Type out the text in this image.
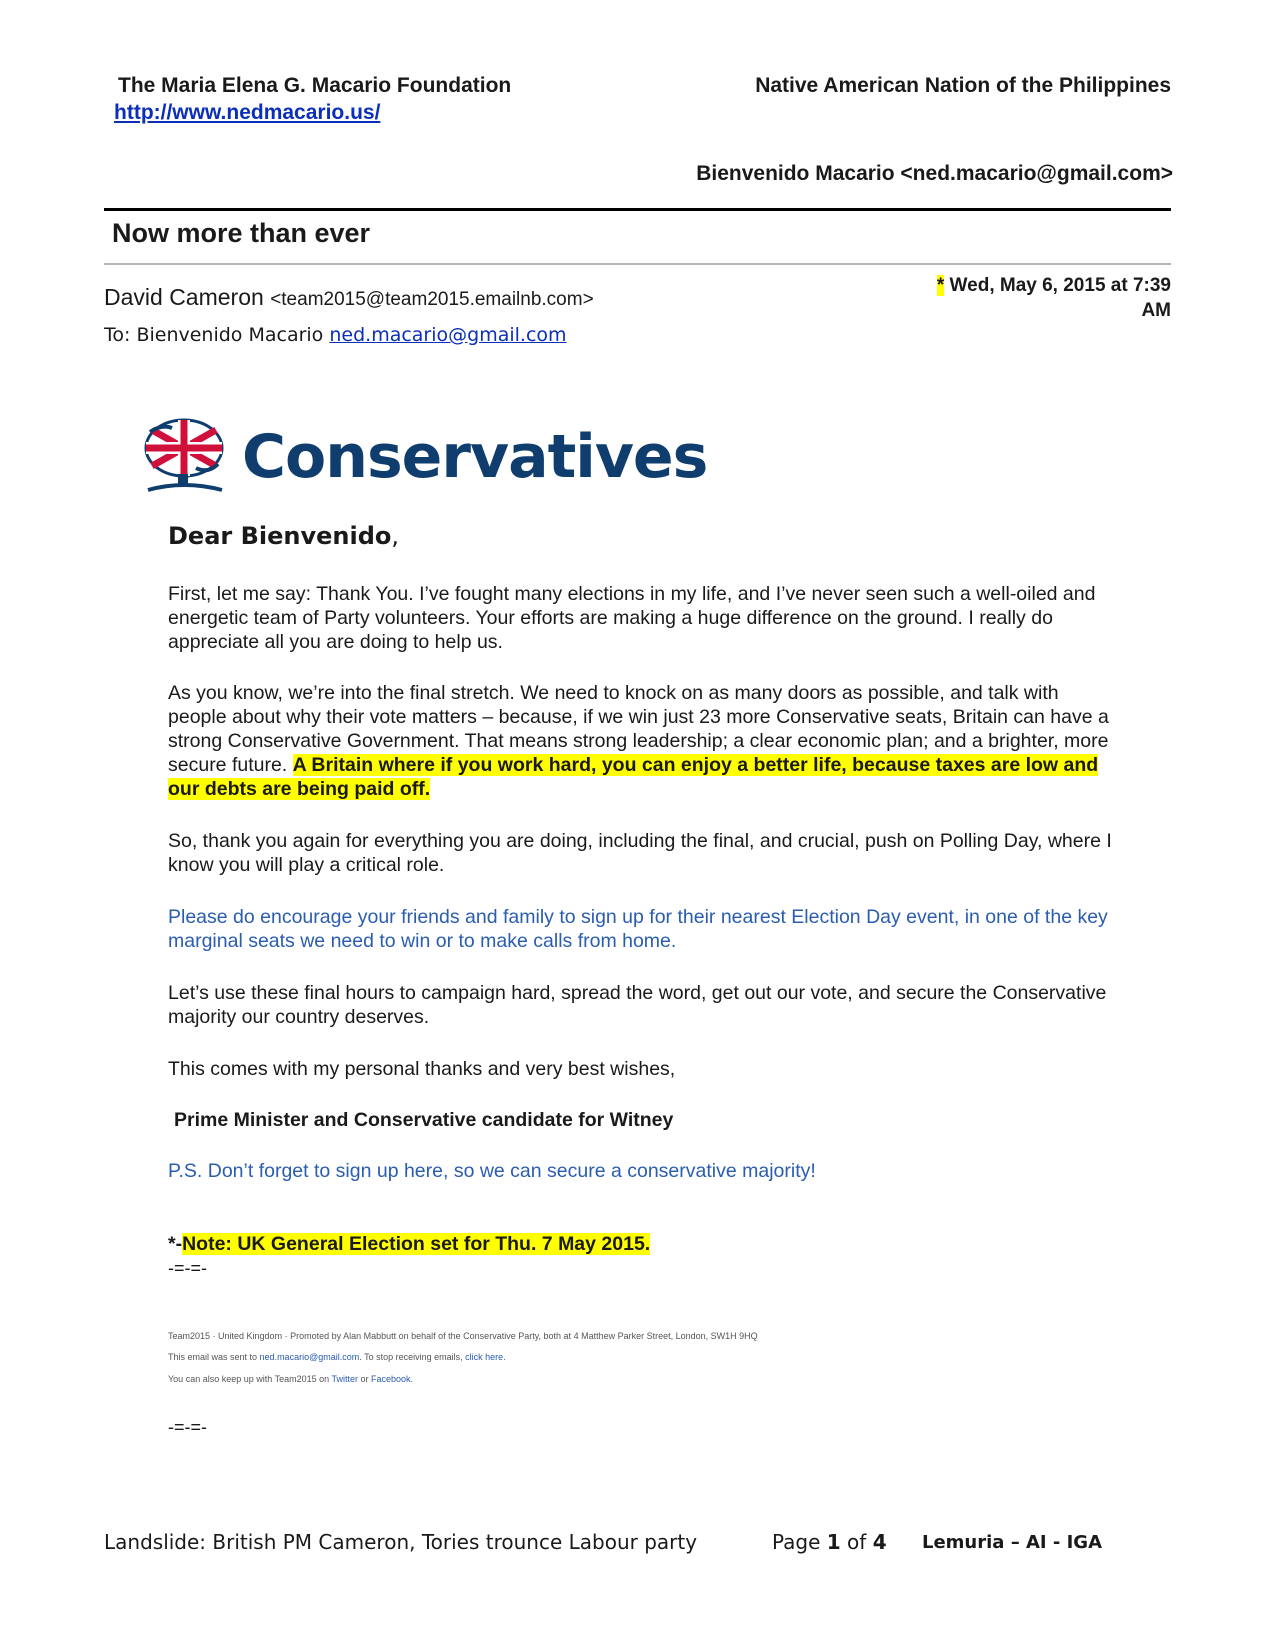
The Maria Elena G. Macario Foundation
http://www.nedmacario.us/
Native American Nation of the Philippines
Bienvenido Macario <ned.macario@gmail.com>
Now more than ever
David Cameron <team2015@team2015.emailnb.com>
* Wed, May 6, 2015 at 7:39
AM
To: Bienvenido Macario ned.macario@gmail.com
Conservatives
Dear Bienvenido,
First, let me say: Thank You. I’ve fought many elections in my life, and I’ve never seen such a well-oiled and energetic team of Party volunteers. Your efforts are making a huge difference on the ground. I really do appreciate all you are doing to help us.
As you know, we’re into the final stretch. We need to knock on as many doors as possible, and talk with people about why their vote matters – because, if we win just 23 more Conservative seats, Britain can have a strong Conservative Government. That means strong leadership; a clear economic plan; and a brighter, more secure future. A Britain where if you work hard, you can enjoy a better life, because taxes are low and our debts are being paid off.
So, thank you again for everything you are doing, including the final, and crucial, push on Polling Day, where I know you will play a critical role.
Please do encourage your friends and family to sign up for their nearest Election Day event, in one of the key marginal seats we need to win or to make calls from home.
Let’s use these final hours to campaign hard, spread the word, get out our vote, and secure the Conservative majority our country deserves.
This comes with my personal thanks and very best wishes,
Prime Minister and Conservative candidate for Witney
P.S. Don’t forget to sign up here, so we can secure a conservative majority!
*-Note: UK General Election set for Thu. 7 May 2015.
-=-=-
Team2015 · United Kingdom · Promoted by Alan Mabbutt on behalf of the Conservative Party, both at 4 Matthew Parker Street, London, SW1H 9HQ
This email was sent to ned.macario@gmail.com. To stop receiving emails, click here.
You can also keep up with Team2015 on Twitter or Facebook.
-=-=-
Landslide: British PM Cameron, Tories trounce Labour party	Page 1 of 4 Lemuria – AI - IGA
